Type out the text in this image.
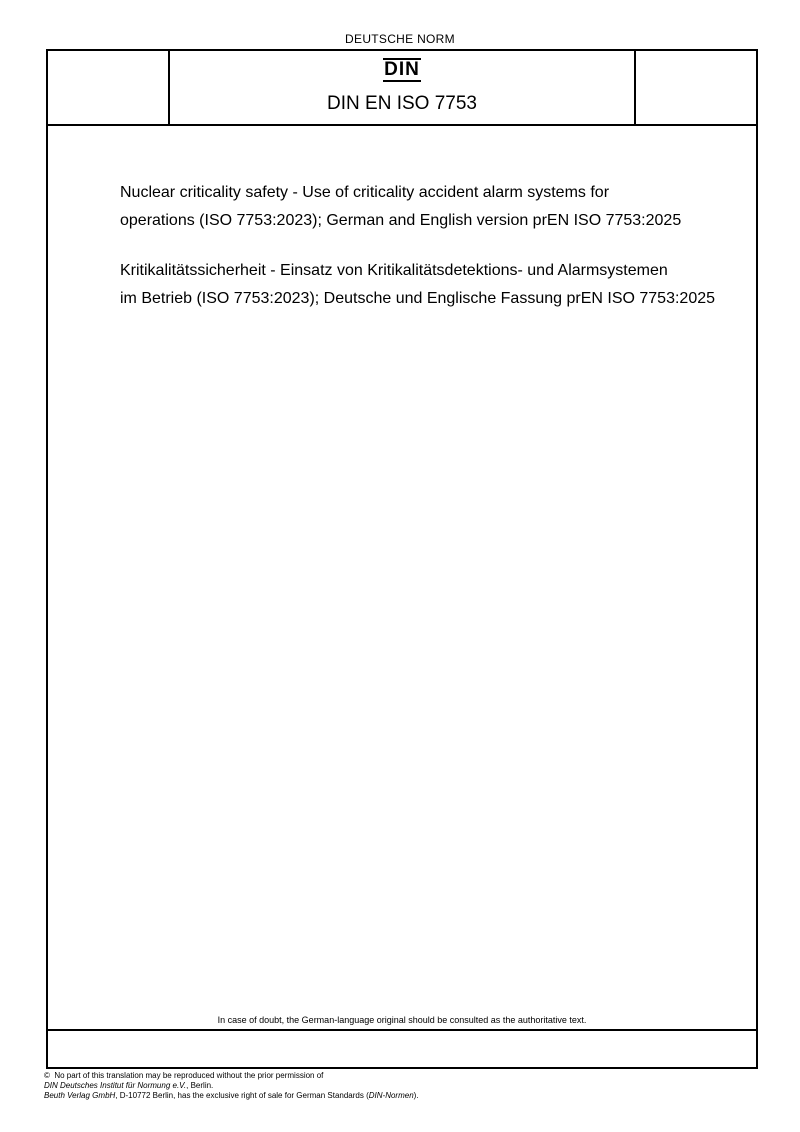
DEUTSCHE NORM
DIN
DIN EN ISO 7753

Nuclear criticality safety - Use of criticality accident alarm systems for
operations (ISO 7753:2023); German and English version prEN ISO 7753:2025

Kritikalitätssicherheit - Einsatz von Kritikalitätsdetektions- und Alarmsystemen
im Betrieb (ISO 7753:2023); Deutsche und Englische Fassung prEN ISO 7753:2025

In case of doubt, the German-language original should be consulted as the authoritative text.
© No part of this translation may be reproduced without the prior permission of
DIN Deutsches Institut für Normung e.V., Berlin.
Beuth Verlag GmbH, D-10772 Berlin, has the exclusive right of sale for German Standards (DIN-Normen).
